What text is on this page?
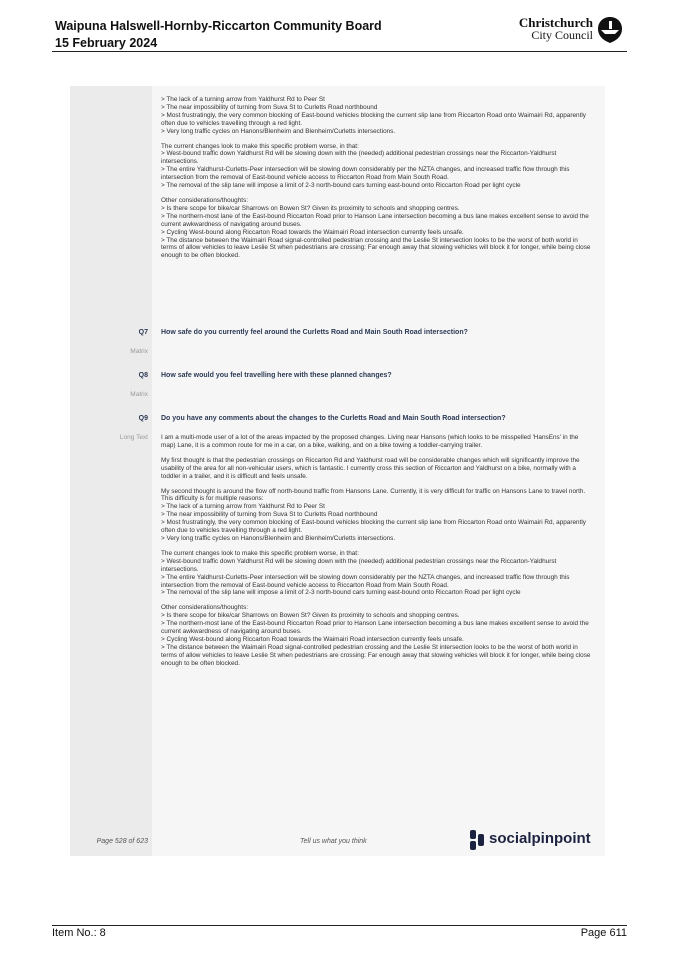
Waipuna Halswell-Hornby-Riccarton Community Board
15 February 2024
Christchurch
City Council

> The lack of a turning arrow from Yaldhurst Rd to Peer St
> The near impossibility of turning from Suva St to Curletts Road northbound
> Most frustratingly, the very common blocking of East-bound vehicles blocking the current slip lane from Riccarton Road onto Waimairi Rd, apparently often due to vehicles travelling through a red light.
> Very long traffic cycles on Hanons/Blenheim and Blenheim/Curletts intersections.

The current changes look to make this specific problem worse, in that:
> West-bound traffic down Yaldhurst Rd will be slowing down with the (needed) additional pedestrian crossings near the Riccarton-Yaldhurst intersections.
> The entire Yaldhurst-Curletts-Peer intersection will be slowing down considerably per the NZTA changes, and increased traffic flow through this intersection from the removal of East-bound vehicle access to Riccarton Road from Main South Road.
> The removal of the slip lane will impose a limit of 2-3 north-bound cars turning east-bound onto Riccarton Road per light cycle

Other considerations/thoughts:
> Is there scope for bike/car Sharrows on Bowen St? Given its proximity to schools and shopping centres.
> The northern-most lane of the East-bound Riccarton Road prior to Hanson Lane intersection becoming a bus lane makes excellent sense to avoid the current awkwardness of navigating around buses.
> Cycling West-bound along Riccarton Road towards the Waimairi Road intersection currently feels unsafe.
> The distance between the Waimairi Road signal-controlled pedestrian crossing and the Leslie St intersection looks to be the worst of both world in terms of allow vehicles to leave Leslie St when pedestrians are crossing: Far enough away that slowing vehicles will block it for longer, while being close enough to be often blocked.

Q7 How safe do you currently feel around the Curletts Road and Main South Road intersection?
Matrix
Q8 How safe would you feel travelling here with these planned changes?
Matrix
Q9 Do you have any comments about the changes to the Curletts Road and Main South Road intersection?
Long Text I am a multi-mode user of a lot of the areas impacted by the proposed changes. Living near Hansons (which looks to be misspelled 'HansEns' in the map) Lane, it is a common route for me in a car, on a bike, walking, and on a bike towing a toddler-carrying trailer.

My first thought is that the pedestrian crossings on Riccarton Rd and Yaldhurst road will be considerable changes which will significantly improve the usability of the area for all non-vehicular users, which is fantastic. I currently cross this section of Riccarton and Yaldhurst on a bike, normally with a toddler in a trailer, and it is difficult and feels unsafe.

My second thought is around the flow off north-bound traffic from Hansons Lane. Currently, it is very difficult for traffic on Hansons Lane to travel north. This difficulty is for multiple reasons:
> The lack of a turning arrow from Yaldhurst Rd to Peer St
> The near impossibility of turning from Suva St to Curletts Road northbound
> Most frustratingly, the very common blocking of East-bound vehicles blocking the current slip lane from Riccarton Road onto Waimairi Rd, apparently often due to vehicles travelling through a red light.
> Very long traffic cycles on Hanons/Blenheim and Blenheim/Curletts intersections.

The current changes look to make this specific problem worse, in that:
> West-bound traffic down Yaldhurst Rd will be slowing down with the (needed) additional pedestrian crossings near the Riccarton-Yaldhurst intersections.
> The entire Yaldhurst-Curletts-Peer intersection will be slowing down considerably per the NZTA changes, and increased traffic flow through this intersection from the removal of East-bound vehicle access to Riccarton Road from Main South Road.
> The removal of the slip lane will impose a limit of 2-3 north-bound cars turning east-bound onto Riccarton Road per light cycle

Other considerations/thoughts:
> Is there scope for bike/car Sharrows on Bowen St? Given its proximity to schools and shopping centres.
> The northern-most lane of the East-bound Riccarton Road prior to Hanson Lane intersection becoming a bus lane makes excellent sense to avoid the current awkwardness of navigating around buses.
> Cycling West-bound along Riccarton Road towards the Waimairi Road intersection currently feels unsafe.
> The distance between the Waimairi Road signal-controlled pedestrian crossing and the Leslie St intersection looks to be the worst of both world in terms of allow vehicles to leave Leslie St when pedestrians are crossing: Far enough away that slowing vehicles will block it for longer, while being close enough to be often blocked.

Page 528 of 623	Tell us what you think	socialpinpoint
Item No.: 8	Page 611
